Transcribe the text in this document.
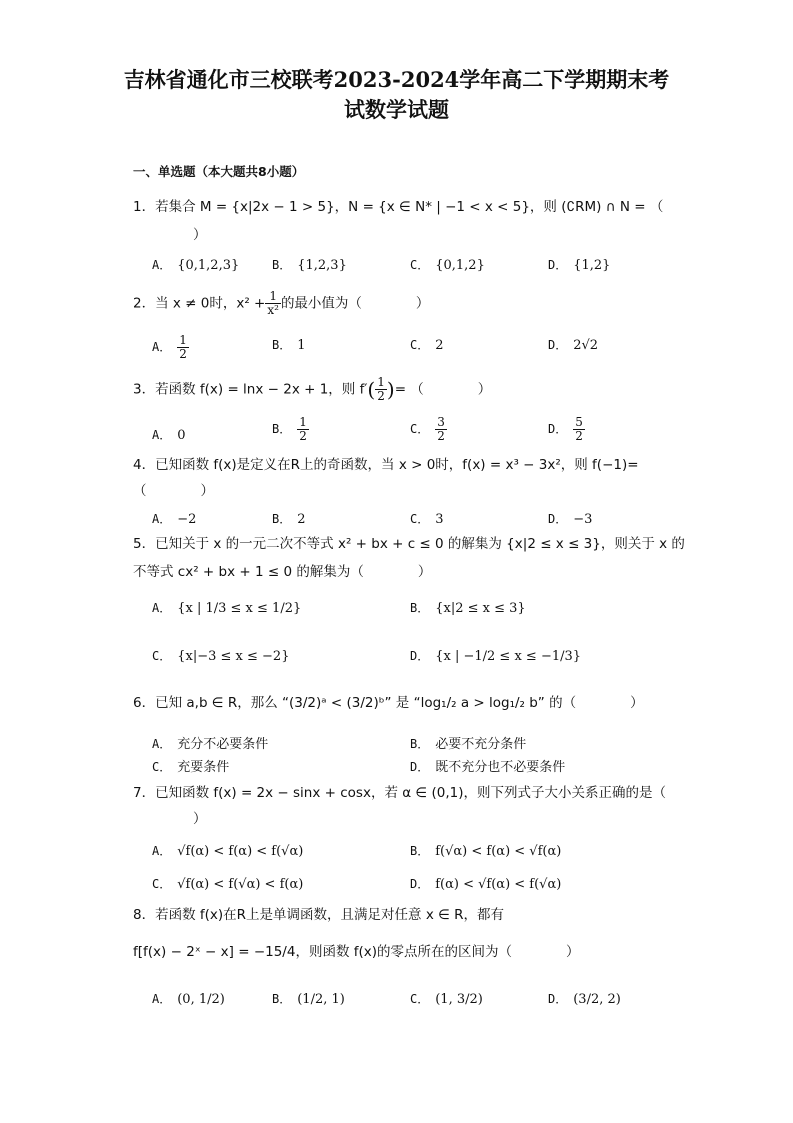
吉林省通化市三校联考2023-2024学年高二下学期期末考
试数学试题
一、单选题（本大题共8小题）
1．若集合 M = {x|2x − 1 > 5}，N = {x ∈ N* | −1 < x < 5}，则 (∁RM) ∩ N = （
）
A． {0,1,2,3}	B． {1,2,3}	C． {0,1,2}	D． {1,2}
2．当 x ≠ 0时，$x^2 + \frac{1}{\text{x²}}$ 的最小值为（　　　　）
A． $\frac{1}{2}$	B． 1	C． 2	D． 2√2
3．若函数 f(x) = lnx − 2x + 1，则 $f'( \frac{1}{2}$ )= （　　　　）
A． 0	B． $\frac{1}{2}$	C． $\frac{3}{2}$	D． $\frac{5}{2}$
4．已知函数 f(x)是定义在R上的奇函数，当 x > 0时，f(x) = x³ − 3x²，则 f(−1)=
（　　　　）
A． −2	B． 2	C． 3	D． −3
5．已知关于 x 的一元二次不等式 x² + bx + c ≤ 0 的解集为 {x|2 ≤ x ≤ 3}，则关于 x 的
不等式 cx² + bx + 1 ≤ 0 的解集为（　　　　）
A． {x | 1/3 ≤ x ≤ 1/2}	B． {x|2 ≤ x ≤ 3}
C． {x|−3 ≤ x ≤ −2}	D． {x | −1/2 ≤ x ≤ −1/3}
6．已知 a,b ∈ R，那么 “(3/2)ᵃ < (3/2)ᵇ” 是 “log₁/₂ a > log₁/₂ b” 的（　　　　）
A． 充分不必要条件	B． 必要不充分条件
C． 充要条件	D． 既不充分也不必要条件
7．已知函数 f(x) = 2x − sinx + cosx，若 α ∈ (0,1)，则下列式子大小关系正确的是（
）
A． √f(α) < f(α) < f(√α)	B． f(√α) < f(α) < √f(α)
C． √f(α) < f(√α) < f(α)	D． f(α) < √f(α) < f(√α)
8．若函数 f(x)在R上是单调函数，且满足对任意 x ∈ R，都有
f[f(x) − 2ˣ − x] = −15/4，则函数 f(x)的零点所在的区间为（　　　　）
A． (0, 1/2)	B． (1/2, 1)	C． (1, 3/2)	D． (3/2, 2)
